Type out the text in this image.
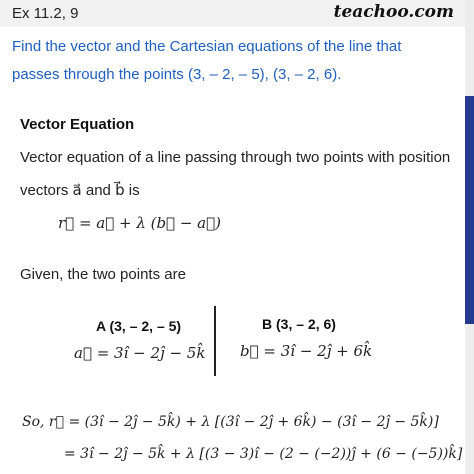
Ex 11.2, 9	teachoo.com
Find the vector and the Cartesian equations of the line that
passes through the points (3, – 2, – 5), (3, – 2, 6).
Vector Equation
Vector equation of a line passing through two points with position
vectors a⃗ and b⃗ is
r⃗ = a⃗ + λ (b⃗ − a⃗)
Given, the two points are
A (3, – 2, – 5)
a⃗ = 3î − 2ĵ − 5k̂
B (3, – 2, 6)
b⃗ = 3î − 2ĵ + 6k̂
So, r⃗ = (3î − 2ĵ − 5k̂) + λ [(3î − 2ĵ + 6k̂) − (3î − 2ĵ − 5k̂)]
= 3î − 2ĵ − 5k̂ + λ [(3 − 3)î − (2 − (−2))ĵ + (6 − (−5))k̂]
